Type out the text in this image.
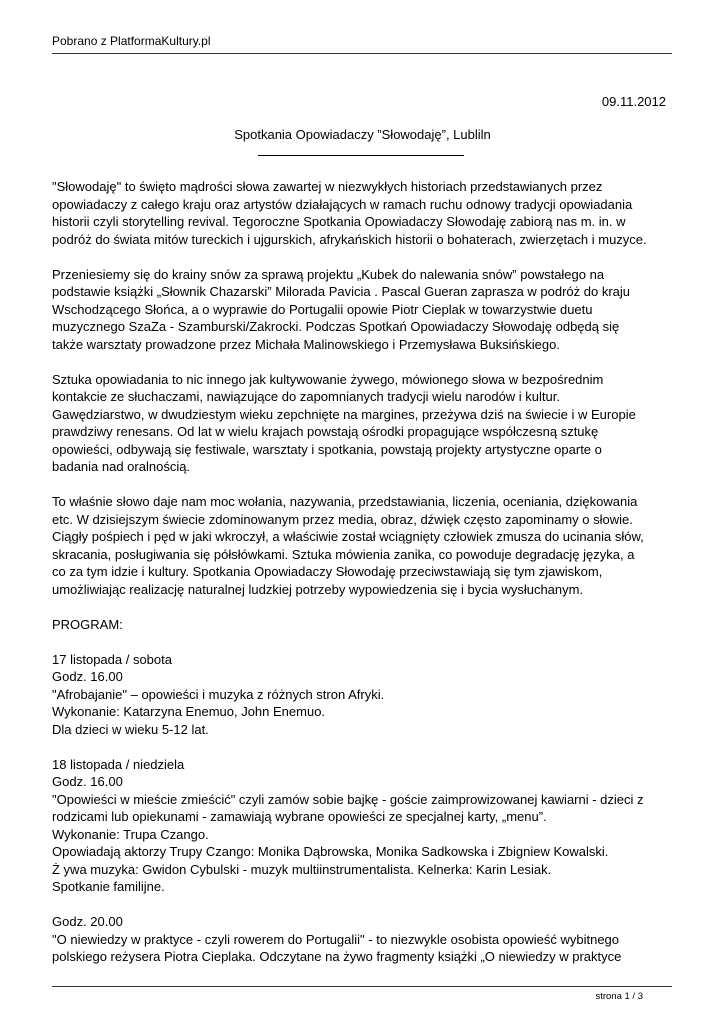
Pobrano z PlatformaKultury.pl
09.11.2012
Spotkania Opowiadaczy ”Słowodaję”, Lubliln

"Słowodaję" to święto mądrości słowa zawartej w niezwykłych historiach przedstawianych przez
opowiadaczy z całego kraju oraz artystów działających w ramach ruchu odnowy tradycji opowiadania
historii czyli storytelling revival. Tegoroczne Spotkania Opowiadaczy Słowodaję zabiorą nas m. in. w
podróż do świata mitów tureckich i ujgurskich, afrykańskich historii o bohaterach, zwierzętach i muzyce.

Przeniesiemy się do krainy snów za sprawą projektu „Kubek do nalewania snów” powstałego na
podstawie książki „Słownik Chazarski” Milorada Pavicia . Pascal Gueran zaprasza w podróż do kraju
Wschodzącego Słońca, a o wyprawie do Portugalii opowie Piotr Cieplak w towarzystwie duetu
muzycznego SzaZa - Szamburski/Zakrocki. Podczas Spotkań Opowiadaczy Słowodaję odbędą się
także warsztaty prowadzone przez Michała Malinowskiego i Przemysława Buksińskiego.

Sztuka opowiadania to nic innego jak kultywowanie żywego, mówionego słowa w bezpośrednim
kontakcie ze słuchaczami, nawiązujące do zapomnianych tradycji wielu narodów i kultur.
Gawędziarstwo, w dwudziestym wieku zepchnięte na margines, przeżywa dziś na świecie i w Europie
prawdziwy renesans. Od lat w wielu krajach powstają ośrodki propagujące współczesną sztukę
opowieści, odbywają się festiwale, warsztaty i spotkania, powstają projekty artystyczne oparte o
badania nad oralnością.

To właśnie słowo daje nam moc wołania, nazywania, przedstawiania, liczenia, oceniania, dziękowania
etc. W dzisiejszym świecie zdominowanym przez media, obraz, dźwięk często zapominamy o słowie.
Ciągły pośpiech i pęd w jaki wkroczył, a właściwie został wciągnięty człowiek zmusza do ucinania słów,
skracania, posługiwania się półsłówkami. Sztuka mówienia zanika, co powoduje degradację języka, a
co za tym idzie i kultury. Spotkania Opowiadaczy Słowodaję przeciwstawiają się tym zjawiskom,
umożliwiając realizację naturalnej ludzkiej potrzeby wypowiedzenia się i bycia wysłuchanym.

PROGRAM:

17 listopada / sobota
Godz. 16.00
"Afrobajanie" – opowieści i muzyka z różnych stron Afryki.
Wykonanie: Katarzyna Enemuo, John Enemuo.
Dla dzieci w wieku 5-12 lat.

18 listopada / niedziela
Godz. 16.00
"Opowieści w mieście zmieścić" czyli zamów sobie bajkę - goście zaimprowizowanej kawiarni - dzieci z
rodzicami lub opiekunami - zamawiają wybrane opowieści ze specjalnej karty, „menu”.
Wykonanie: Trupa Czango.
Opowiadają aktorzy Trupy Czango: Monika Dąbrowska, Monika Sadkowska i Zbigniew Kowalski.
Ż ywa muzyka: Gwidon Cybulski - muzyk multiinstrumentalista. Kelnerka: Karin Lesiak.
Spotkanie familijne.

Godz. 20.00
"O niewiedzy w praktyce - czyli rowerem do Portugalii" - to niezwykle osobista opowieść wybitnego
polskiego reżysera Piotra Cieplaka. Odczytane na żywo fragmenty książki „O niewiedzy w praktyce

strona 1 / 3
